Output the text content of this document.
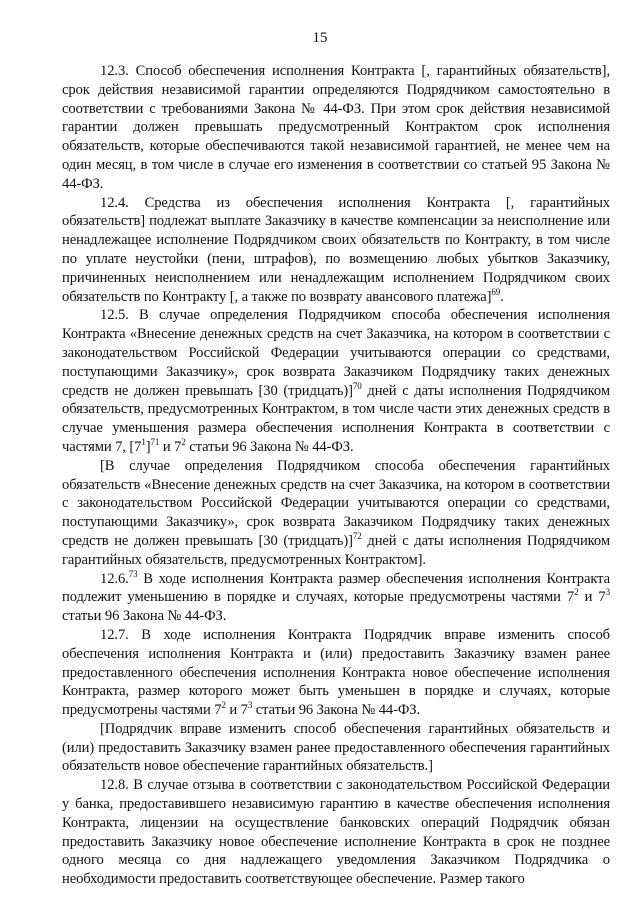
15

12.3. Способ обеспечения исполнения Контракта [, гарантийных обязательств], срок действия независимой гарантии определяются Подрядчиком самостоятельно в соответствии с требованиями Закона № 44-ФЗ. При этом срок действия независимой гарантии должен превышать предусмотренный Контрактом срок исполнения обязательств, которые обеспечиваются такой независимой гарантией, не менее чем на один месяц, в том числе в случае его изменения в соответствии со статьей 95 Закона № 44-ФЗ.

12.4. Средства из обеспечения исполнения Контракта [, гарантийных обязательств] подлежат выплате Заказчику в качестве компенсации за неисполнение или ненадлежащее исполнение Подрядчиком своих обязательств по Контракту, в том числе по уплате неустойки (пени, штрафов), по возмещению любых убытков Заказчику, причиненных неисполнением или ненадлежащим исполнением Подрядчиком своих обязательств по Контракту [, а также по возврату авансового платежа]$^{69}$.

12.5. В случае определения Подрядчиком способа обеспечения исполнения Контракта «Внесение денежных средств на счет Заказчика, на котором в соответствии с законодательством Российской Федерации учитываются операции со средствами, поступающими Заказчику», срок возврата Заказчиком Подрядчику таких денежных средств не должен превышать [30 (тридцать)]$^{70}$ дней с даты исполнения Подрядчиком обязательств, предусмотренных Контрактом, в том числе части этих денежных средств в случае уменьшения размера обеспечения исполнения Контракта в соответствии с частями 7, $[7^1]^{71}$ и $7^2$ статьи 96 Закона № 44-ФЗ.

[В случае определения Подрядчиком способа обеспечения гарантийных обязательств «Внесение денежных средств на счет Заказчика, на котором в соответствии с законодательством Российской Федерации учитываются операции со средствами, поступающими Заказчику», срок возврата Заказчиком Подрядчику таких денежных средств не должен превышать [30 (тридцать)]$^{72}$ дней с даты исполнения Подрядчиком гарантийных обязательств, предусмотренных Контрактом].

12.6.73 В ходе исполнения Контракта размер обеспечения исполнения Контракта подлежит уменьшению в порядке и случаях, которые предусмотрены частями $7^2$ и $7^3$ статьи 96 Закона № 44-ФЗ.

12.7. В ходе исполнения Контракта Подрядчик вправе изменить способ обеспечения исполнения Контракта и (или) предоставить Заказчику взамен ранее предоставленного обеспечения исполнения Контракта новое обеспечение исполнения Контракта, размер которого может быть уменьшен в порядке и случаях, которые предусмотрены частями $7^2$ и $7^3$ статьи 96 Закона № 44-ФЗ.

[Подрядчик вправе изменить способ обеспечения гарантийных обязательств и (или) предоставить Заказчику взамен ранее предоставленного обеспечения гарантийных обязательств новое обеспечение гарантийных обязательств.]

12.8. В случае отзыва в соответствии с законодательством Российской Федерации у банка, предоставившего независимую гарантию в качестве обеспечения исполнения Контракта, лицензии на осуществление банковских операций Подрядчик обязан предоставить Заказчику новое обеспечение исполнение Контракта в срок не позднее одного месяца со дня надлежащего уведомления Заказчиком Подрядчика о необходимости предоставить соответствующее обеспечение. Размер такого
